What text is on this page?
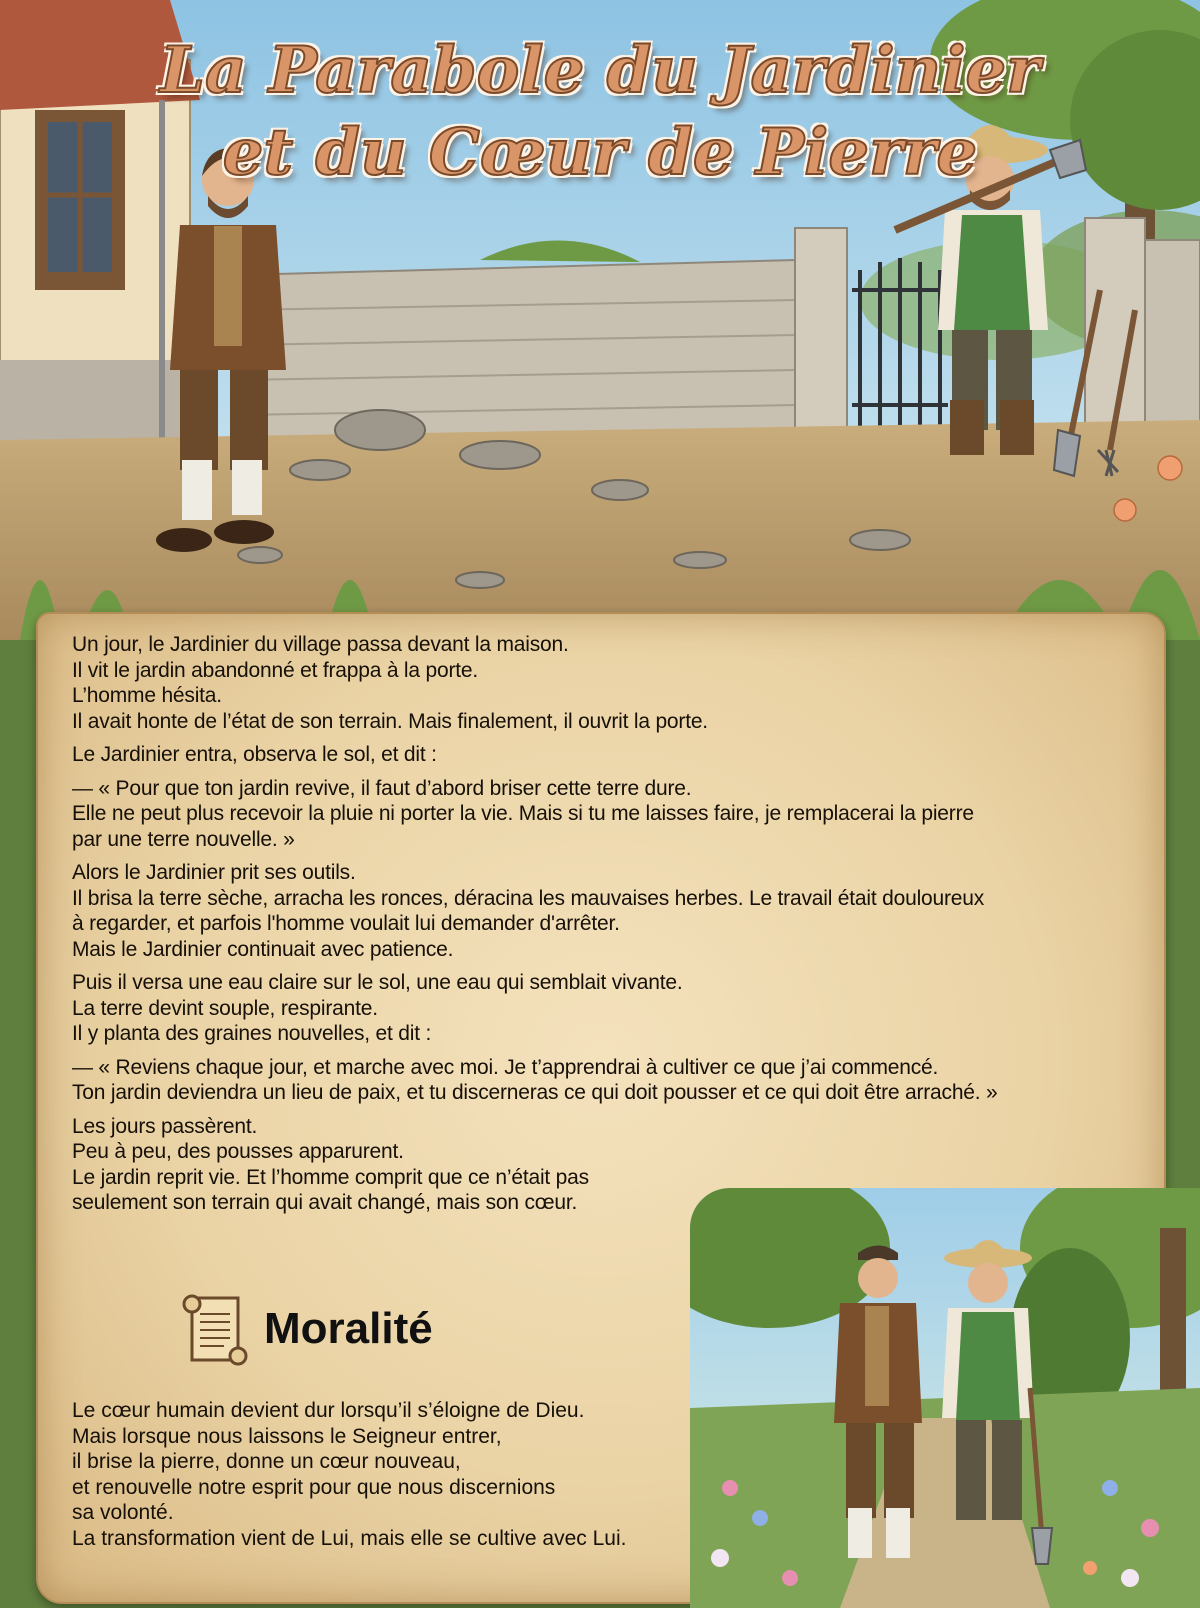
La Parabole du Jardinier
et du Cœur de Pierre

Un jour, le Jardinier du village passa devant la maison.
Il vit le jardin abandonné et frappa à la porte.
L’homme hésita.
Il avait honte de l’état de son terrain. Mais finalement, il ouvrit la porte.

Le Jardinier entra, observa le sol, et dit :

— « Pour que ton jardin revive, il faut d’abord briser cette terre dure.
Elle ne peut plus recevoir la pluie ni porter la vie. Mais si tu me laisses faire, je remplacerai la pierre
par une terre nouvelle. »

Alors le Jardinier prit ses outils.
Il brisa la terre sèche, arracha les ronces, déracina les mauvaises herbes. Le travail était douloureux
à regarder, et parfois l'homme voulait lui demander d'arrêter.
Mais le Jardinier continuait avec patience.

Puis il versa une eau claire sur le sol, une eau qui semblait vivante.
La terre devint souple, respirante.
Il y planta des graines nouvelles, et dit :

— « Reviens chaque jour, et marche avec moi. Je t’apprendrai à cultiver ce que j’ai commencé.
Ton jardin deviendra un lieu de paix, et tu discerneras ce qui doit pousser et ce qui doit être arraché. »

Les jours passèrent.
Peu à peu, des pousses apparurent.
Le jardin reprit vie. Et l’homme comprit que ce n’était pas
seulement son terrain qui avait changé, mais son cœur.

Moralité
Le cœur humain devient dur lorsqu’il s’éloigne de Dieu.
Mais lorsque nous laissons le Seigneur entrer,
il brise la pierre, donne un cœur nouveau,
et renouvelle notre esprit pour que nous discernions
sa volonté.
La transformation vient de Lui, mais elle se cultive avec Lui.
